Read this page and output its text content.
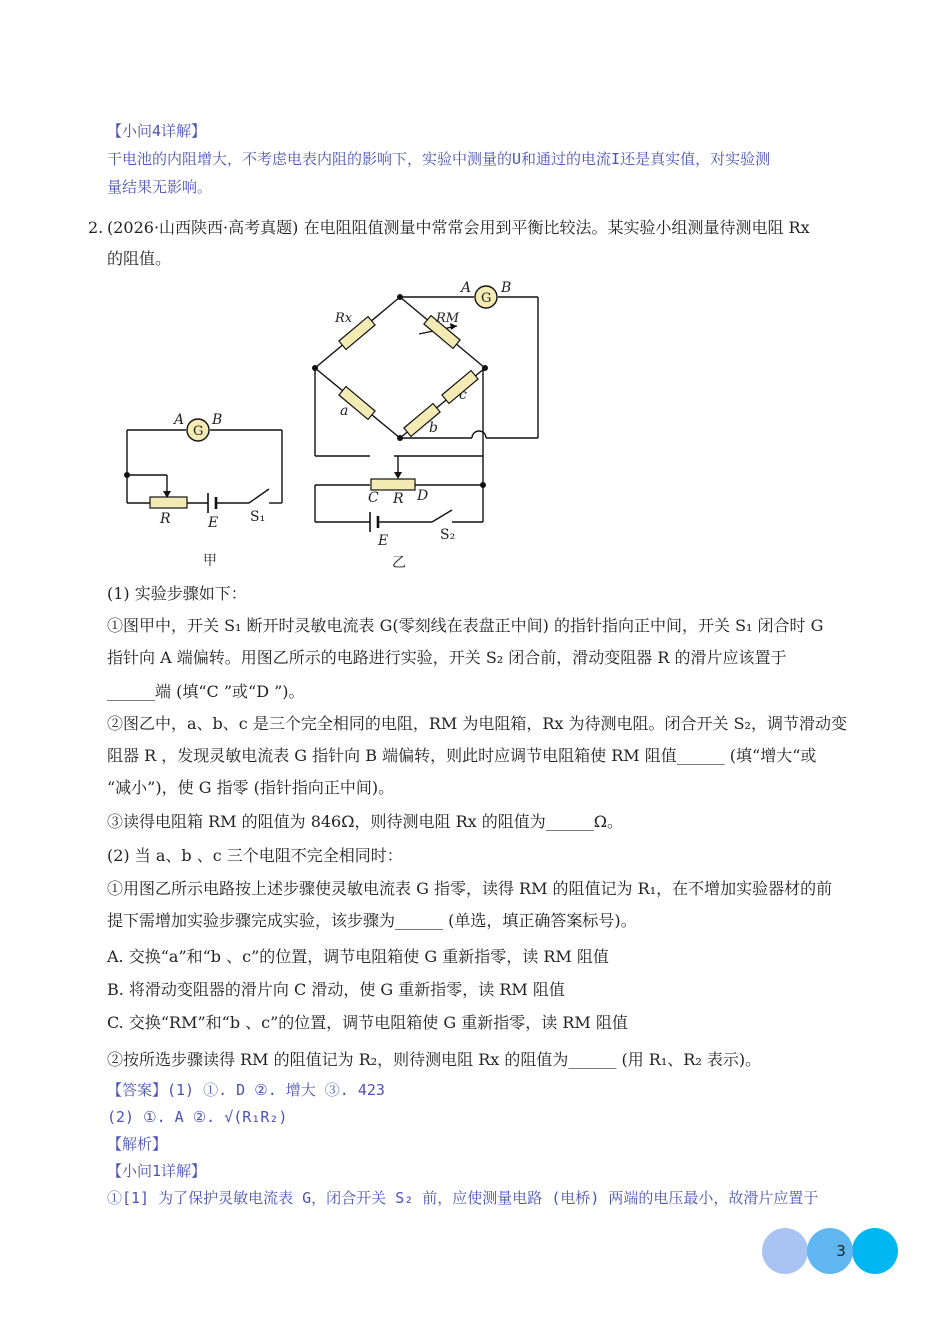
【小问4详解】
干电池的内阻增大，不考虑电表内阻的影响下，实验中测量的U和通过的电流I还是真实值，对实验测
量结果无影响。
2. (2026·山西陕西·高考真题) 在电阻阻值测量中常常会用到平衡比较法。某实验小组测量待测电阻 Rx
的阻值。
A B
G
R	E S₁
甲
A B
G
Rx	RM
a
b
c
C R D
E	S₂
乙
(1) 实验步骤如下：
①图甲中，开关 S₁ 断开时灵敏电流表 G(零刻线在表盘正中间) 的指针指向正中间，开关 S₁ 闭合时 G
指针向 A 端偏转。用图乙所示的电路进行实验，开关 S₂ 闭合前，滑动变阻器 R 的滑片应该置于
______端 (填“C ”或“D ”)。
②图乙中，a、b、c 是三个完全相同的电阻，RM 为电阻箱，Rx 为待测电阻。闭合开关 S₂，调节滑动变
阻器 R ，发现灵敏电流表 G 指针向 B 端偏转，则此时应调节电阻箱使 RM 阻值______ (填“增大“或
“减小”)，使 G 指零 (指针指向正中间)。
③读得电阻箱 RM 的阻值为 846Ω，则待测电阻 Rx 的阻值为______Ω。
(2) 当 a、b 、c 三个电阻不完全相同时：
①用图乙所示电路按上述步骤使灵敏电流表 G 指零，读得 RM 的阻值记为 R₁，在不增加实验器材的前
提下需增加实验步骤完成实验，该步骤为______ (单选，填正确答案标号)。
A. 交换“a”和“b 、c”的位置，调节电阻箱使 G 重新指零，读 RM 阻值
B. 将滑动变阻器的滑片向 C 滑动，使 G 重新指零，读 RM 阻值
C. 交换“RM”和“b 、c”的位置，调节电阻箱使 G 重新指零，读 RM 阻值
②按所选步骤读得 RM 的阻值记为 R₂，则待测电阻 Rx 的阻值为______ (用 R₁、R₂ 表示)。
【答案】(1) ①. D ②. 增大 ③. 423
(2) ①. A ②. √(R₁R₂)
【解析】
【小问1详解】
①[1] 为了保护灵敏电流表 G，闭合开关 S₂ 前，应使测量电路 (电桥) 两端的电压最小，故滑片应置于
3
